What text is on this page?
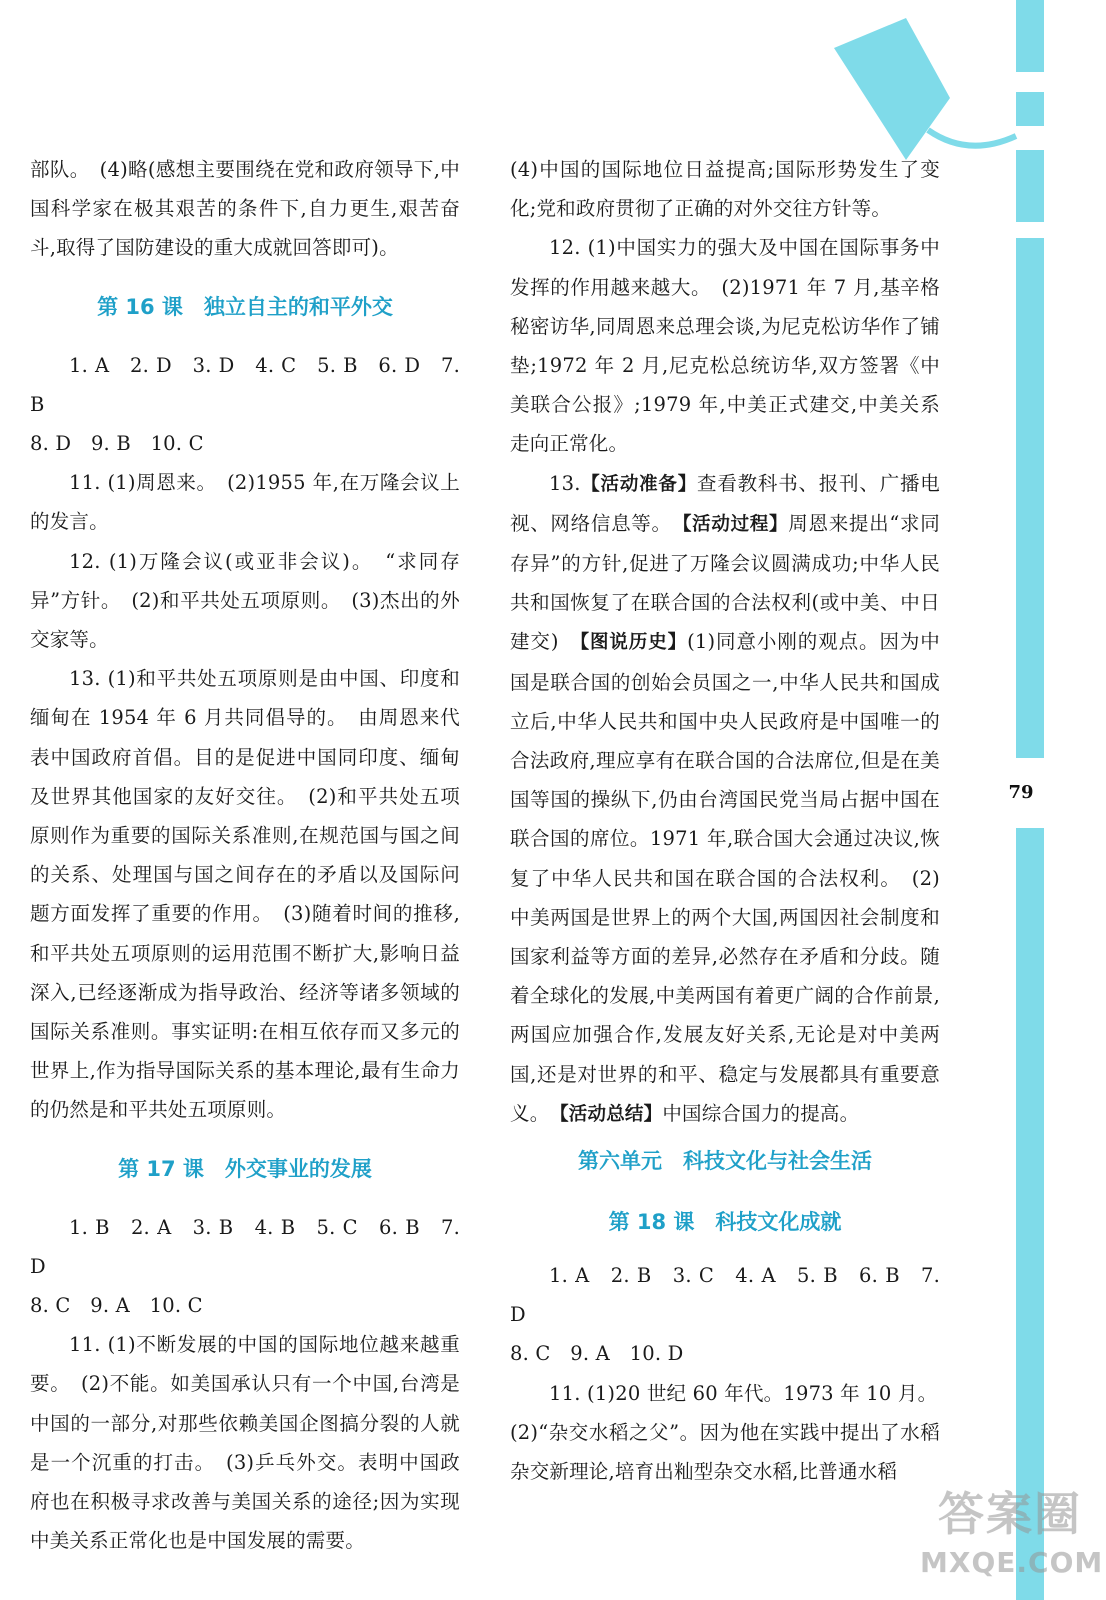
79

部队。　(4)略(感想主要围绕在党和政府领导下,中国科学家在极其艰苦的条件下,自力更生,艰苦奋斗,取得了国防建设的重大成就回答即可)。

第 16 课　独立自主的和平外交

1. A　2. D　3. D　4. C　5. B　6. D　7. B

8. D　9. B　10. C

11. (1)周恩来。　(2)1955 年,在万隆会议上的发言。

12. (1)万隆会议(或亚非会议)。　“求同存异”方针。　(2)和平共处五项原则。　(3)杰出的外交家等。

13. (1)和平共处五项原则是由中国、印度和缅甸在 1954 年 6 月共同倡导的。　由周恩来代表中国政府首倡。目的是促进中国同印度、缅甸及世界其他国家的友好交往。　(2)和平共处五项原则作为重要的国际关系准则,在规范国与国之间的关系、处理国与国之间存在的矛盾以及国际问题方面发挥了重要的作用。　(3)随着时间的推移,和平共处五项原则的运用范围不断扩大,影响日益深入,已经逐渐成为指导政治、经济等诸多领域的国际关系准则。事实证明:在相互依存而又多元的世界上,作为指导国际关系的基本理论,最有生命力的仍然是和平共处五项原则。

第 17 课　外交事业的发展

1. B　2. A　3. B　4. B　5. C　6. B　7. D

8. C　9. A　10. C

11. (1)不断发展的中国的国际地位越来越重要。　(2)不能。如美国承认只有一个中国,台湾是中国的一部分,对那些依赖美国企图搞分裂的人就是一个沉重的打击。　(3)乒乓外交。表明中国政府也在积极寻求改善与美国关系的途径;因为实现中美关系正常化也是中国发展的需要。

(4)中国的国际地位日益提高;国际形势发生了变化;党和政府贯彻了正确的对外交往方针等。

12. (1)中国实力的强大及中国在国际事务中发挥的作用越来越大。　(2)1971 年 7 月,基辛格秘密访华,同周恩来总理会谈,为尼克松访华作了铺垫;1972 年 2 月,尼克松总统访华,双方签署《中美联合公报》;1979 年,中美正式建交,中美关系走向正常化。

13.【活动准备】查看教科书、报刊、广播电视、网络信息等。　【活动过程】周恩来提出“求同存异”的方针,促进了万隆会议圆满成功;中华人民共和国恢复了在联合国的合法权利(或中美、中日建交)　【图说历史】(1)同意小刚的观点。因为中国是联合国的创始会员国之一,中华人民共和国成立后,中华人民共和国中央人民政府是中国唯一的合法政府,理应享有在联合国的合法席位,但是在美国等国的操纵下,仍由台湾国民党当局占据中国在联合国的席位。1971 年,联合国大会通过决议,恢复了中华人民共和国在联合国的合法权利。　(2)中美两国是世界上的两个大国,两国因社会制度和国家利益等方面的差异,必然存在矛盾和分歧。随着全球化的发展,中美两国有着更广阔的合作前景,两国应加强合作,发展友好关系,无论是对中美两国,还是对世界的和平、稳定与发展都具有重要意义。　【活动总结】中国综合国力的提高。

第六单元　科技文化与社会生活
第 18 课　科技文化成就

1. A　2. B　3. C　4. A　5. B　6. B　7. D

8. C　9. A　10. D

11. (1)20 世纪 60 年代。1973 年 10 月。

(2)“杂交水稻之父”。因为他在实践中提出了水稻杂交新理论,培育出籼型杂交水稻,比普通水稻

答案圈
MXQE.COM
